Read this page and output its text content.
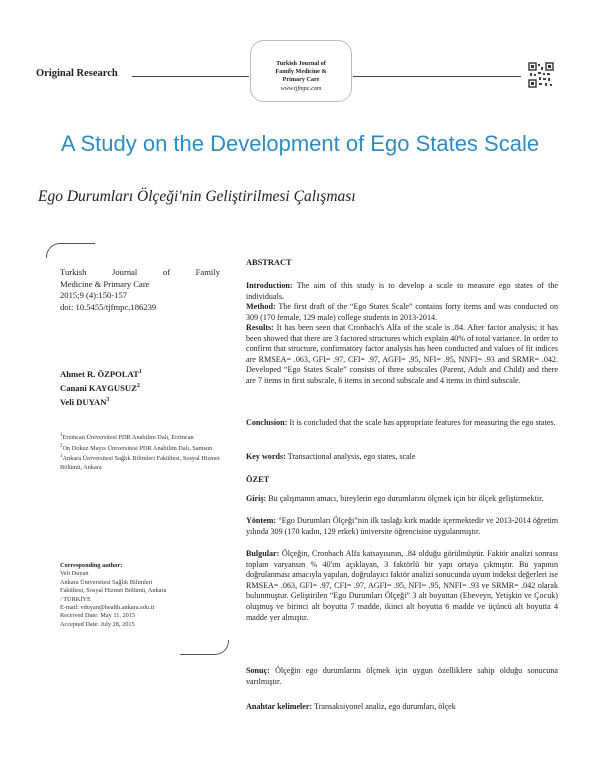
Original Research
Turkish Journal of
Family Medicine &
Primary Care
www.tjfmpc.com
A Study on the Development of Ego States Scale
Ego Durumları Ölçeği'nin Geliştirilmesi Çalışması
Turkish Journal of Family
Medicine & Primary Care
2015;9 (4):150-157
doi: 10.5455/tjfmpc.186239
Ahmet R. ÖZPOLAT$^1$
Canani KAYGUSUZ$^2$
Veli DUYAN$^3$
$^1$Erzincan Üniversitesi PDR Anabilim Dalı, Erzincan
$^2$On Dokuz Mayıs Üniversitesi PDR Anabilim Dalı, Samsun
$^3$Ankara Üniversitesi Sağlık Bilimleri Fakültesi, Sosyal Hizmet Bölümü, Ankara
Corresponding author:
Veli Duyan
Ankara Üniversitesi Sağlık Bilimleri
Fakültesi, Sosyal Hizmet Bölümü, Ankara
/ TÜRKİYE
E-mail: vduyan@health.ankara.edu.tr
Received Date: May 11, 2015
Accepted Date: July 28, 2015
ABSTRACT
Introduction: The aim of this study is to develop a scale to measure ego states of the individuals.
Method: The first draft of the “Ego States Scale” contains forty items and was conducted on 309 (170 female, 129 male) college students in 2013-2014.
Results: It has been seen that Cronbach's Alfa of the scale is .84. After factor analysis; it has been showed that there are 3 factored structures which explain 40% of total variance. In order to confirm that structure, confirmatory factor analysis has been conducted and values of fit indices are RMSEA= .063, GFI= .97, CFI= .97, AGFI= .95, NFI= .95, NNFI= .93 and SRMR= .042. Developed “Ego States Scale” consists of three subscales (Parent, Adult and Child) and there are 7 items in first subscale, 6 items in second subscale and 4 items in third subscale.
Conclusion: It is concluded that the scale has appropriate features for measuring the ego states.
Key words: Transactional analysis, ego states, scale
ÖZET
Giriş: Bu çalışmanın amacı, bireylerin ego durumlarını ölçmek için bir ölçek geliştirmektir.
Yöntem: “Ego Durumları Ölçeği”nin ilk taslağı kırk madde içermektedir ve 2013-2014 öğretim yılında 309 (170 kadın, 129 erkek) üniversite öğrencisine uygulanmıştır.
Bulgular: Ölçeğin, Cronbach Alfa katsayısının, .84 olduğu görülmüştür. Faktör analizi sonrası toplam varyansın % 40'ını açıklayan, 3 faktörlü bir yapı ortaya çıkmıştır. Bu yapının doğrulanması amacıyla yapılan, doğrulayıcı faktör analizi sonucunda uyum indeksi değerleri ise RMSEA= .063, GFI= .97, CFI= .97, AGFI= .95, NFI= .95, NNFI= .93 ve SRMR= .042 olarak bulunmuştur. Geliştirilen “Ego Durumları Ölçeği” 3 alt boyuttan (Ebeveyn, Yetişkin ve Çocuk) oluşmuş ve birinci alt boyutta 7 madde, ikinci alt boyutta 6 madde ve üçüncü alt boyutta 4 madde yer almıştır.
Sonuç: Ölçeğin ego durumlarını ölçmek için uygun özelliklere sahip olduğu sonucuna varılmıştır.
Anahtar kelimeler: Transaksiyonel analiz, ego durumları, ölçek
